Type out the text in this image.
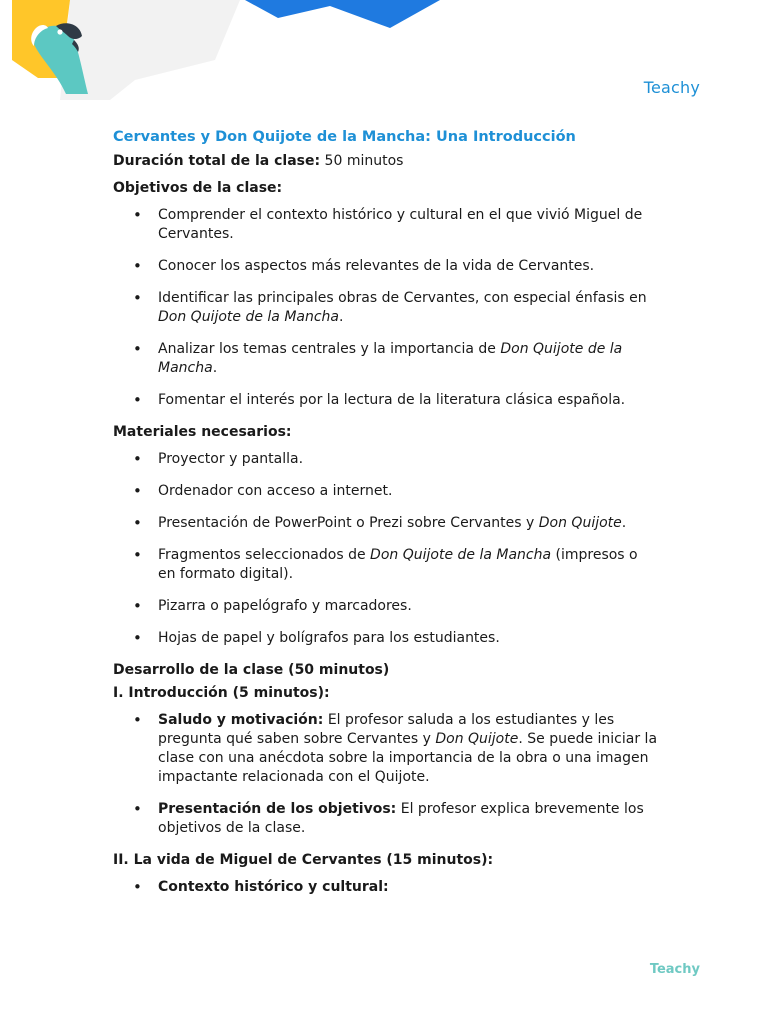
Teachy
Cervantes y Don Quijote de la Mancha: Una Introducción

Duración total de la clase: 50 minutos

Objetivos de la clase:
• Comprender el contexto histórico y cultural en el que vivió Miguel de Cervantes.
• Conocer los aspectos más relevantes de la vida de Cervantes.
• Identificar las principales obras de Cervantes, con especial énfasis en Don Quijote de la Mancha.
• Analizar los temas centrales y la importancia de Don Quijote de la Mancha.
• Fomentar el interés por la lectura de la literatura clásica española.
Materiales necesarios:
• Proyector y pantalla.
• Ordenador con acceso a internet.
• Presentación de PowerPoint o Prezi sobre Cervantes y Don Quijote.
• Fragmentos seleccionados de Don Quijote de la Mancha (impresos o en formato digital).
• Pizarra o papelógrafo y marcadores.
• Hojas de papel y bolígrafos para los estudiantes.
Desarrollo de la clase (50 minutos)
I. Introducción (5 minutos):
• Saludo y motivación: El profesor saluda a los estudiantes y les pregunta qué saben sobre Cervantes y Don Quijote. Se puede iniciar la clase con una anécdota sobre la importancia de la obra o una imagen impactante relacionada con el Quijote.
• Presentación de los objetivos: El profesor explica brevemente los objetivos de la clase.
II. La vida de Miguel de Cervantes (15 minutos):
• Contexto histórico y cultural:
Teachy
